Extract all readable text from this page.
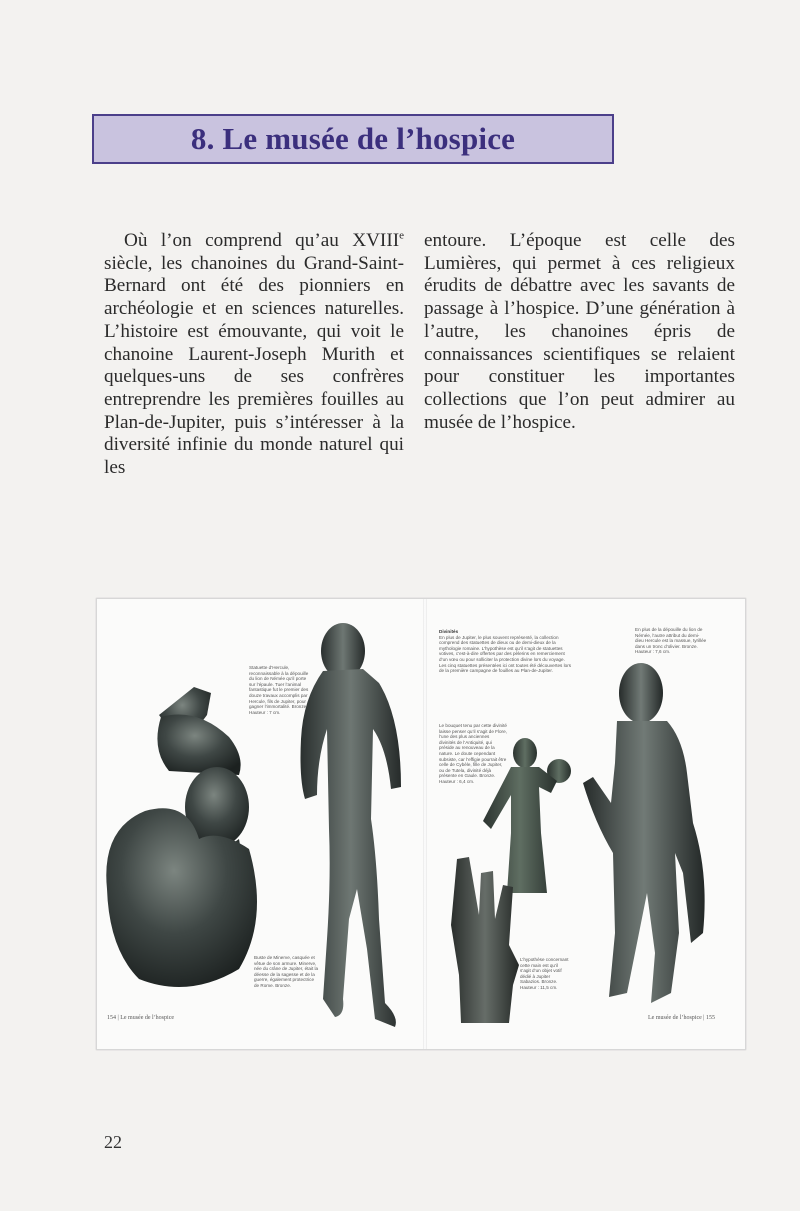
8. Le musée de l’hospice

Où l’on comprend qu’au XVIIIe siècle, les chanoines du Grand-Saint-Bernard ont été des pionniers en archéologie et en sciences naturelles. L’histoire est émouvante, qui voit le chanoine Laurent-Joseph Murith et quelques-uns de ses confrères entreprendre les premières fouilles au Plan-de-Jupiter, puis s’intéresser à la diversité infinie du monde naturel qui les

entoure. L’époque est celle des Lumières, qui permet à ces religieux érudits de débattre avec les savants de passage à l’hospice. D’une génération à l’autre, les chanoines épris de connaissances scientifiques se relaient pour constituer les importantes collections que l’on peut admirer au musée de l’hospice.

Statuette d’Hercule, reconnaissable à la dépouille du lion de Némée qu’il porte sur l’épaule. Tuer l’animal fantastique fut le premier des douze travaux accomplis par Hercule, fils de Jupiter, pour gagner l’immortalité. Bronze. Hauteur : 7 cm.
Buste de Minerve, casquée et vêtue de son armure. Minerve, née du crâne de Jupiter, était la déesse de la sagesse et de la guerre, également protectrice de Rome. Bronze.
Divinités
En plus de Jupiter, le plus souvent représenté, la collection comprend des statuettes de dieux ou de demi-dieux de la mythologie romaine. L’hypothèse est qu’il s’agit de statuettes votives, c’est-à-dire offertes par des pèlerins en remerciement d’un vœu ou pour solliciter la protection divine lors du voyage. Les cinq statuettes présentées ici ont toutes été découvertes lors de la première campagne de fouilles au Plan-de-Jupiter.
En plus de la dépouille du lion de Némée, l’autre attribut du demi-dieu Hercule est la massue, tyrillée dans un tronc d’olivier. Bronze. Hauteur : 7,6 cm.
Le bouquet tenu par cette divinité laisse penser qu’il s’agit de Flore, l’une des plus anciennes divinités de l’Antiquité, qui préside au renouveau de la nature. Le doute cependant subsiste, car l’effigie pourrait être celle de Cybèle, fille de Jupiter, ou de Tutela, divinité déjà présente en Gaule. Bronze. Hauteur : 6,4 cm.
L’hypothèse concernant cette main est qu’il s’agit d’un objet votif dédié à Jupiter Sabazios. Bronze. Hauteur : 11,5 cm.
154 | Le musée de l’hospice	Le musée de l’hospice | 155
22
